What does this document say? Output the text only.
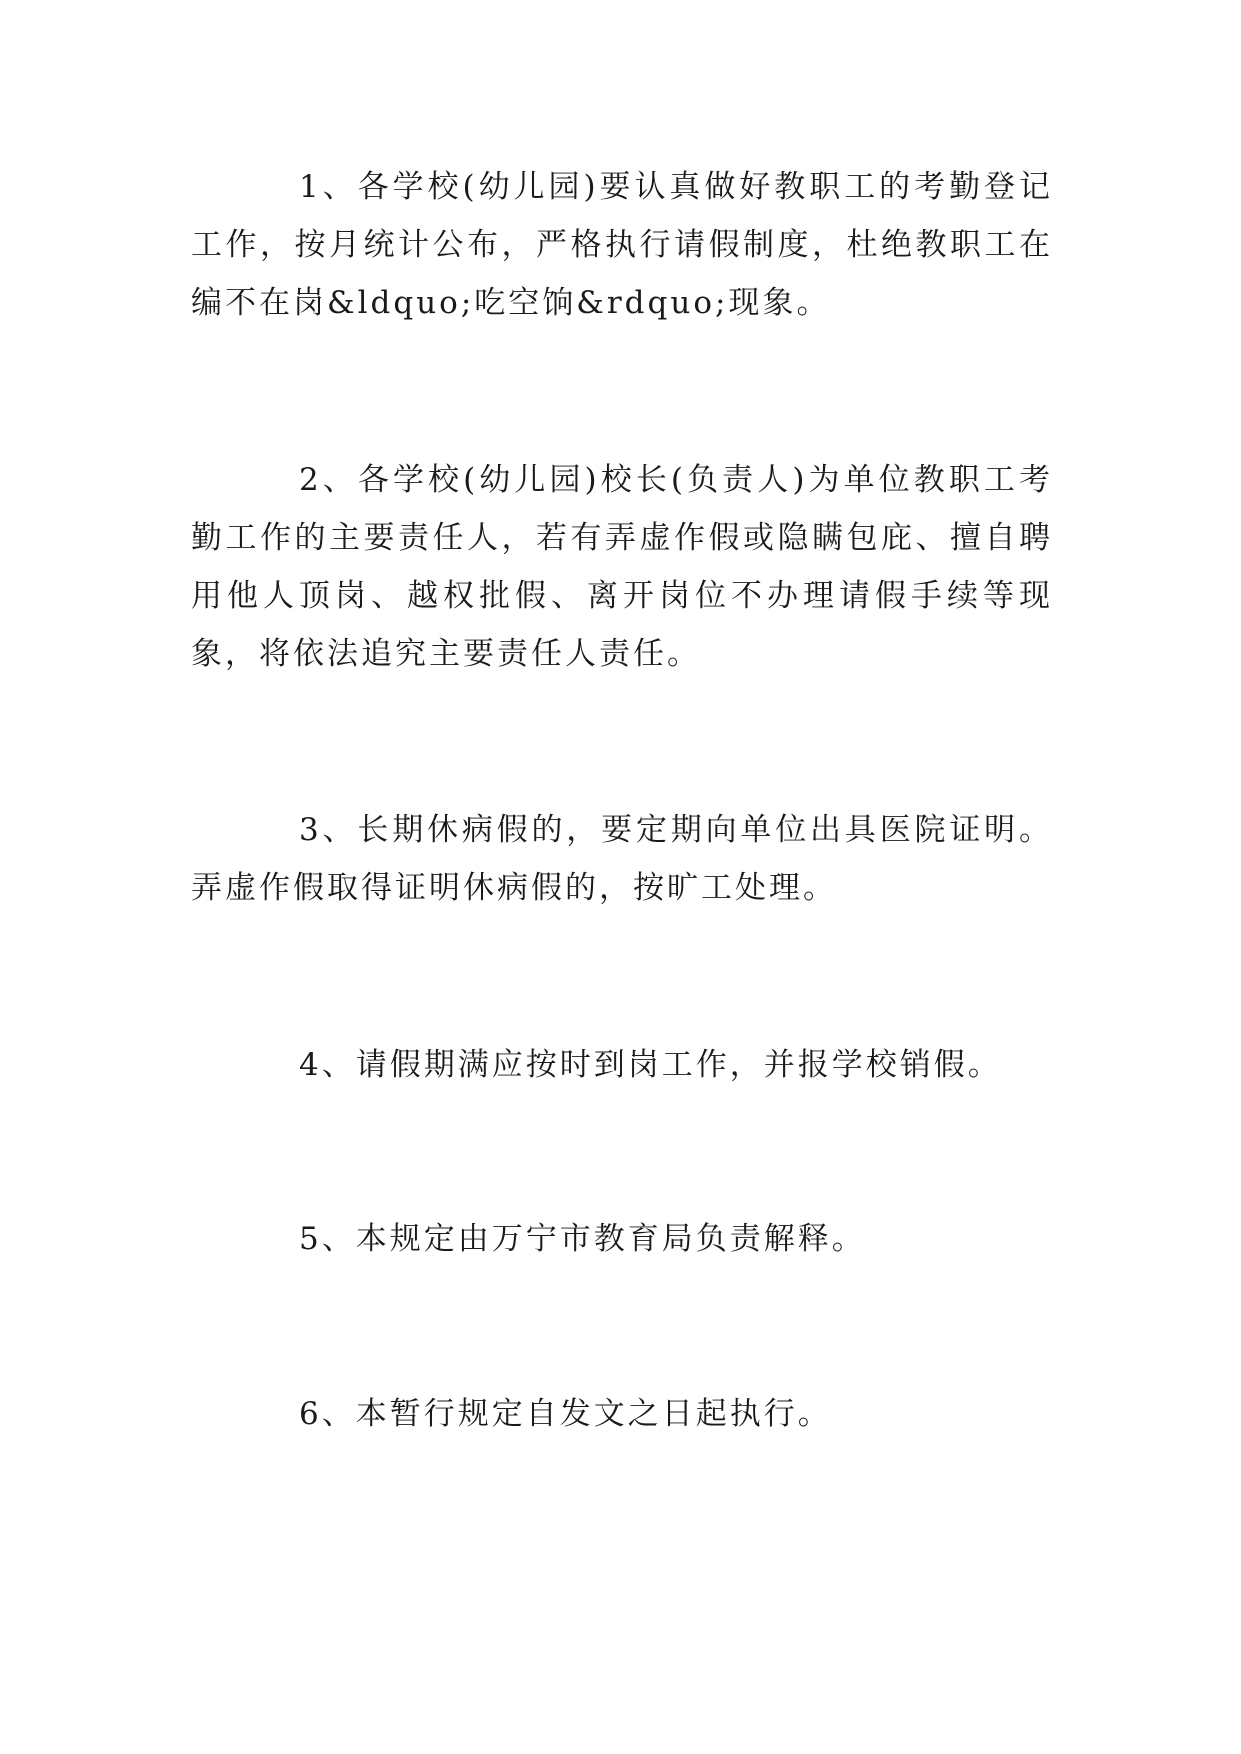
1、各学校(幼儿园)要认真做好教职工的考勤登记工作，按月统计公布，严格执行请假制度，杜绝教职工在编不在岗&ldquo;吃空饷&rdquo;现象。

2、各学校(幼儿园)校长(负责人)为单位教职工考勤工作的主要责任人，若有弄虚作假或隐瞒包庇、擅自聘用他人顶岗、越权批假、离开岗位不办理请假手续等现象，将依法追究主要责任人责任。

3、长期休病假的，要定期向单位出具医院证明。弄虚作假取得证明休病假的，按旷工处理。

4、请假期满应按时到岗工作，并报学校销假。

5、本规定由万宁市教育局负责解释。

6、本暂行规定自发文之日起执行。
